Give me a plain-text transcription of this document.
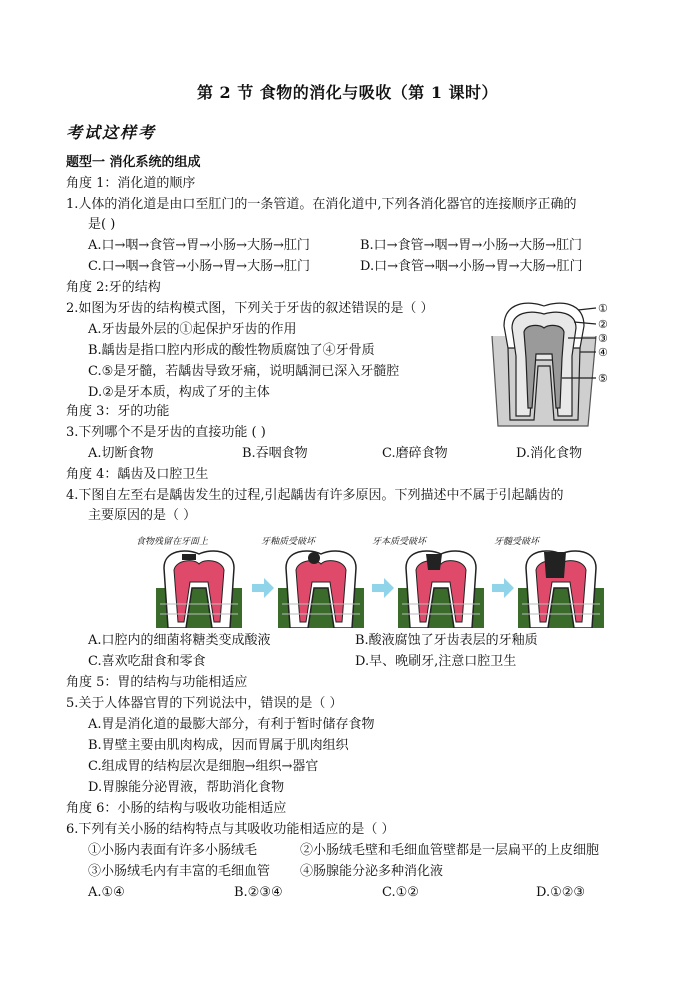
第 2 节 食物的消化与吸收（第 1 课时）
考试这样考
题型一 消化系统的组成
角度 1：消化道的顺序
1.人体的消化道是由口至肛门的一条管道。在消化道中,下列各消化器官的连接顺序正确的
是( )
A.口→咽→食管→胃→小肠→大肠→肛门	B.口→食管→咽→胃→小肠→大肠→肛门
C.口→咽→食管→小肠→胃→大肠→肛门	D.口→食管→咽→小肠→胃→大肠→肛门
角度 2:牙的结构
2.如图为牙齿的结构模式图，下列关于牙齿的叙述错误的是（ ）
A.牙齿最外层的①起保护牙齿的作用
B.龋齿是指口腔内形成的酸性物质腐蚀了④牙骨质
C.⑤是牙髓，若龋齿导致牙痛，说明龋洞已深入牙髓腔
D.②是牙本质，构成了牙的主体
①
②
③
④
⑤
角度 3：牙的功能
3.下列哪个不是牙齿的直接功能 ( )
A.切断食物	B.吞咽食物	C.磨碎食物	D.消化食物
角度 4：龋齿及口腔卫生
4.下图自左至右是龋齿发生的过程,引起龋齿有许多原因。下列描述中不属于引起龋齿的
主要原因的是（ ）
食物残留在牙面上	牙釉质受破坏	牙本质受破坏	牙髓受破坏
A.口腔内的细菌将糖类变成酸液	B.酸液腐蚀了牙齿表层的牙釉质
C.喜欢吃甜食和零食	D.早、晚刷牙,注意口腔卫生
角度 5：胃的结构与功能相适应
5.关于人体器官胃的下列说法中，错误的是（ ）
A.胃是消化道的最膨大部分，有利于暂时储存食物
B.胃壁主要由肌肉构成，因而胃属于肌肉组织
C.组成胃的结构层次是细胞→组织→器官
D.胃腺能分泌胃液，帮助消化食物
角度 6：小肠的结构与吸收功能相适应
6.下列有关小肠的结构特点与其吸收功能相适应的是（ ）
①小肠内表面有许多小肠绒毛	②小肠绒毛壁和毛细血管壁都是一层扁平的上皮细胞
③小肠绒毛内有丰富的毛细血管 ④肠腺能分泌多种消化液
A.①④	B.②③④	C.①②	D.①②③
